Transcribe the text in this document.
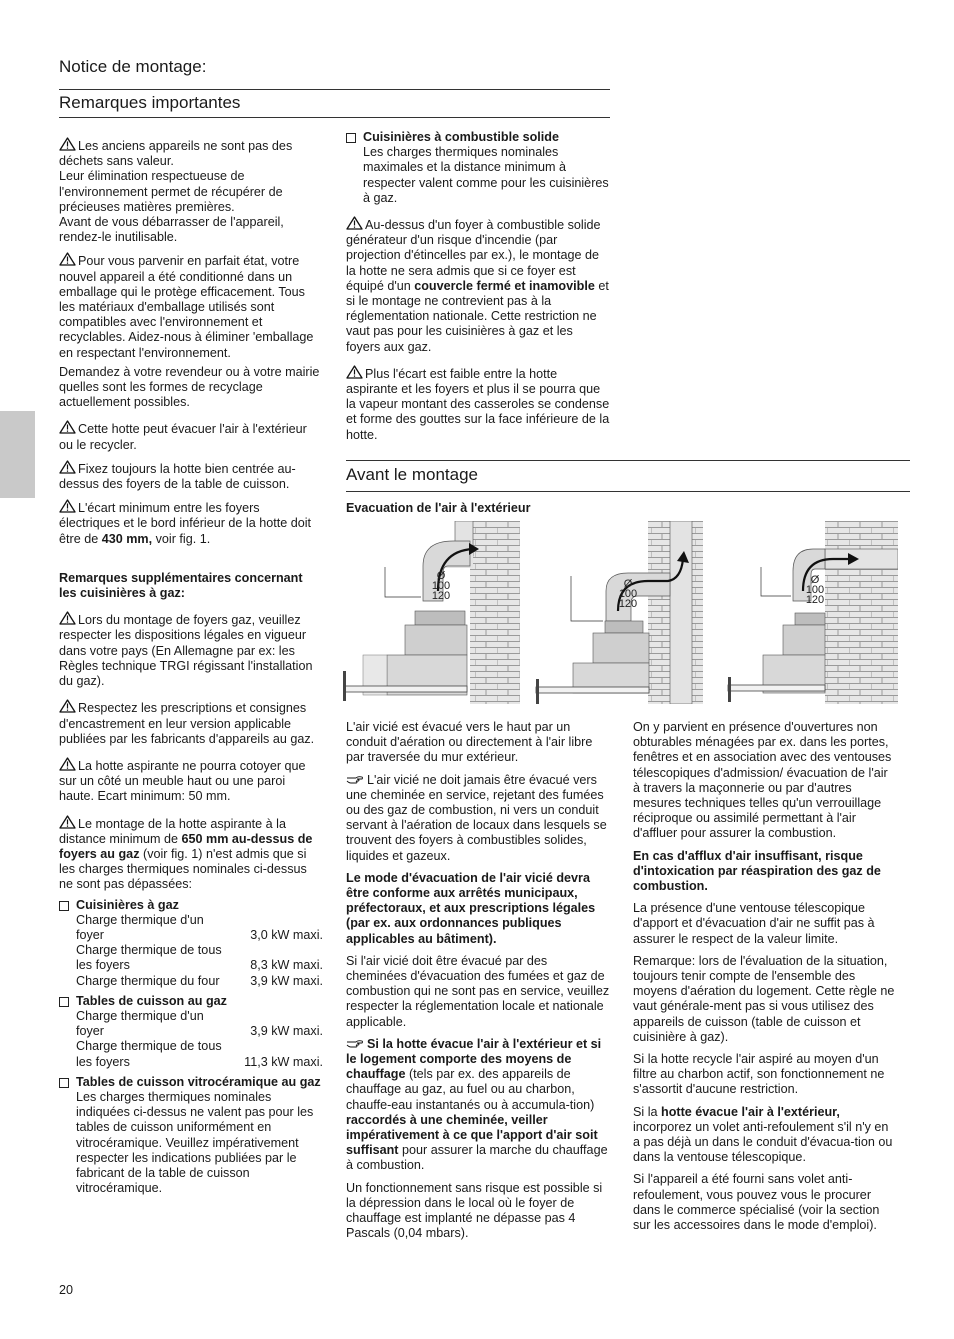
Notice de montage:
Remarques importantes

Les anciens appareils ne sont pas des déchets sans valeur.
Leur élimination respectueuse de l'environnement permet de récupérer de précieuses matières premières.
Avant de vous débarrasser de l'appareil, rendez-le inutilisable.

Pour vous parvenir en parfait état, votre nouvel appareil a été conditionné dans un emballage qui le protège efficacement. Tous les matériaux d'emballage utilisés sont compatibles avec l'environnement et recyclables. Aidez-nous à éliminer 'emballage en respectant l'environnement.

Demandez à votre revendeur ou à votre mairie quelles sont les formes de recyclage actuellement possibles.

Cette hotte peut évacuer l'air à l'extérieur ou le recycler.

Fixez toujours la hotte bien centrée au-dessus des foyers de la table de cuisson.

L'écart minimum entre les foyers électriques et le bord inférieur de la hotte doit être de 430 mm, voir fig. 1.

Remarques supplémentaires concernant les cuisinières à gaz:

Lors du montage de foyers gaz, veuillez respecter les dispositions légales en vigueur dans votre pays (En Allemagne par ex: les Règles technique TRGI régissant l'installation du gaz).

Respectez les prescriptions et consignes d'encastrement en leur version applicable publiées par les fabricants d'appareils au gaz.

La hotte aspirante ne pourra cotoyer que sur un côté un meuble haut ou une paroi haute. Ecart minimum: 50 mm.

Le montage de la hotte aspirante à la distance minimum de 650 mm au-dessus de foyers au gaz (voir fig. 1) n'est admis que si les charges thermiques nominales ci-dessus ne sont pas dépassées:

Cuisinières à gaz
Charge thermique d'un
foyer	3,0 kW maxi.
Charge thermique de tous
les foyers	8,3 kW maxi.
Charge thermique du four 3,9 kW maxi.
Tables de cuisson au gaz
Charge thermique d'un
foyer	3,9 kW maxi.
Charge thermique de tous
les foyers	11,3 kW maxi.
Tables de cuisson vitrocéramique au gaz
Les charges thermiques nominales indiquées ci-dessus ne valent pas pour les tables de cuisson uniformément en vitrocéramique. Veuillez impérativement respecter les indications publiées par le fabricant de la table de cuisson vitrocéramique.
Cuisinières à combustible solide
Les charges thermiques nominales maximales et la distance minimum à respecter valent comme pour les cuisinières à gaz.

Au-dessus d'un foyer à combustible solide générateur d'un risque d'incendie (par projection d'étincelles par ex.), le montage de la hotte ne sera admis que si ce foyer est équipé d'un couvercle fermé et inamovible et si le montage ne contrevient pas à la réglementation nationale. Cette restriction ne vaut pas pour les cuisinières à gaz et les foyers aux gaz.

Plus l'écart est faible entre la hotte aspirante et les foyers et plus il se pourra que la vapeur montant des casseroles se condense et forme des gouttes sur la face inférieure de la hotte.

Avant le montage
Evacuation de l'air à l'extérieur
Ø
100
120
Ø
100
120
Ø
100
120

L'air vicié est évacué vers le haut par un conduit d'aération ou directement à l'air libre par traversée du mur extérieur.

L'air vicié ne doit jamais être évacué vers une cheminée en service, rejetant des fumées ou des gaz de combustion, ni vers un conduit servant à l'aération de locaux dans lesquels se trouvent des foyers à combustibles solides, liquides et gazeux.

Le mode d'évacuation de l'air vicié devra être conforme aux arrêtés municipaux, préfectoraux, et aux prescriptions légales (par ex. aux ordonnances publiques applicables au bâtiment).

Si l'air vicié doit être évacué par des cheminées d'évacuation des fumées et gaz de combustion qui ne sont pas en service, veuillez respecter la réglementation locale et nationale applicable.

Si la hotte évacue l'air à l'extérieur et si le logement comporte des moyens de chauffage (tels par ex. des appareils de chauffage au gaz, au fuel ou au charbon, chauffe-eau instantanés ou à accumula-tion) raccordés à une cheminée, veiller impérativement à ce que l'apport d'air soit suffisant pour assurer la marche du chauffage à combustion.

Un fonctionnement sans risque est possible si la dépression dans le local où le foyer de chauffage est implanté ne dépasse pas 4 Pascals (0,04 mbars).

On y parvient en présence d'ouvertures non obturables ménagées par ex. dans les portes, fenêtres et en association avec des ventouses télescopiques d'admission/ évacuation de l'air à travers la maçonnerie ou par d'autres mesures techniques telles qu'un verrouillage réciproque ou assimilé permettant à l'air d'affluer pour assurer la combustion.

En cas d'afflux d'air insuffisant, risque d'intoxication par réaspiration des gaz de combustion.

La présence d'une ventouse télescopique d'apport et d'évacuation d'air ne suffit pas à assurer le respect de la valeur limite.

Remarque: lors de l'évaluation de la situation, toujours tenir compte de l'ensemble des moyens d'aération du logement. Cette règle ne vaut générale-ment pas si vous utilisez des appareils de cuisson (table de cuisson et cuisinière à gaz).

Si la hotte recycle l'air aspiré au moyen d'un filtre au charbon actif, son fonctionnement ne s'assortit d'aucune restriction.

Si la hotte évacue l'air à l'extérieur, incorporez un volet anti-refoulement s'il n'y en a pas déjà un dans le conduit d'évacua-tion ou dans la ventouse télescopique.

Si l'appareil a été fourni sans volet anti-refoulement, vous pouvez vous le procurer dans le commerce spécialisé (voir la section sur les accessoires dans le mode d'emploi).

20
